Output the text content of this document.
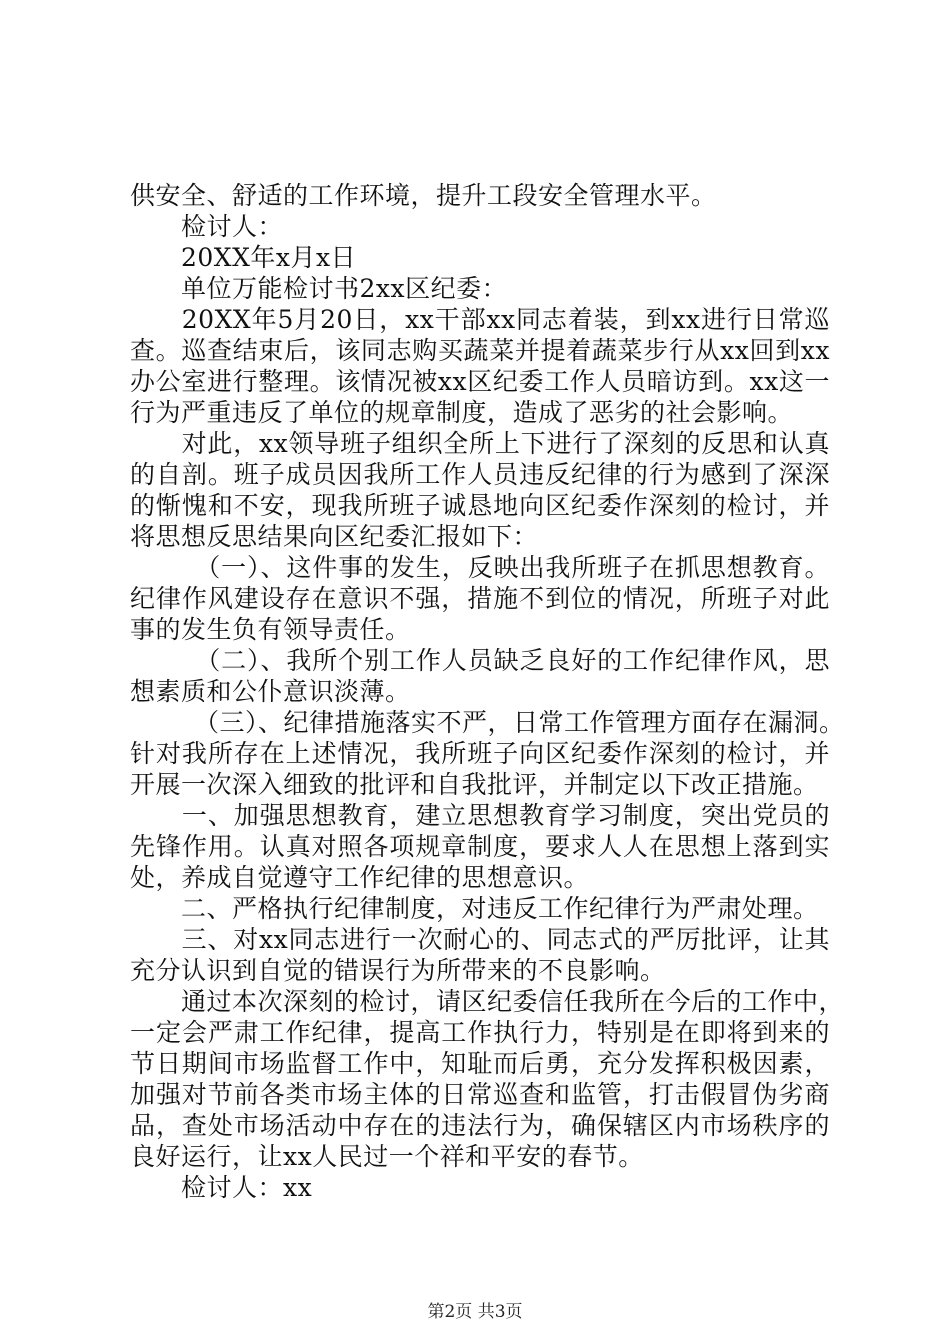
供安全、舒适的工作环境，提升工段安全管理水平。
　　检讨人：
　　20XX年x月x日
　　单位万能检讨书2xx区纪委：
　　20XX年5月20日，xx干部xx同志着装，到xx进行日常巡
查。巡查结束后，该同志购买蔬菜并提着蔬菜步行从xx回到xx
办公室进行整理。该情况被xx区纪委工作人员暗访到。xx这一
行为严重违反了单位的规章制度，造成了恶劣的社会影响。
　　对此，xx领导班子组织全所上下进行了深刻的反思和认真
的自剖。班子成员因我所工作人员违反纪律的行为感到了深深
的惭愧和不安，现我所班子诚恳地向区纪委作深刻的检讨，并
将思想反思结果向区纪委汇报如下：
　　　（一）、这件事的发生，反映出我所班子在抓思想教育。
纪律作风建设存在意识不强，措施不到位的情况，所班子对此
事的发生负有领导责任。
　　　（二）、我所个别工作人员缺乏良好的工作纪律作风，思
想素质和公仆意识淡薄。
　　　（三）、纪律措施落实不严，日常工作管理方面存在漏洞。
针对我所存在上述情况，我所班子向区纪委作深刻的检讨，并
开展一次深入细致的批评和自我批评，并制定以下改正措施。
　　一、加强思想教育，建立思想教育学习制度，突出党员的
先锋作用。认真对照各项规章制度，要求人人在思想上落到实
处，养成自觉遵守工作纪律的思想意识。
　　二、严格执行纪律制度，对违反工作纪律行为严肃处理。
　　三、对xx同志进行一次耐心的、同志式的严厉批评，让其
充分认识到自觉的错误行为所带来的不良影响。
　　通过本次深刻的检讨，请区纪委信任我所在今后的工作中，
一定会严肃工作纪律，提高工作执行力，特别是在即将到来的
节日期间市场监督工作中，知耻而后勇，充分发挥积极因素，
加强对节前各类市场主体的日常巡查和监管，打击假冒伪劣商
品，查处市场活动中存在的违法行为，确保辖区内市场秩序的
良好运行，让xx人民过一个祥和平安的春节。
　　检讨人：xx
第2页 共3页
